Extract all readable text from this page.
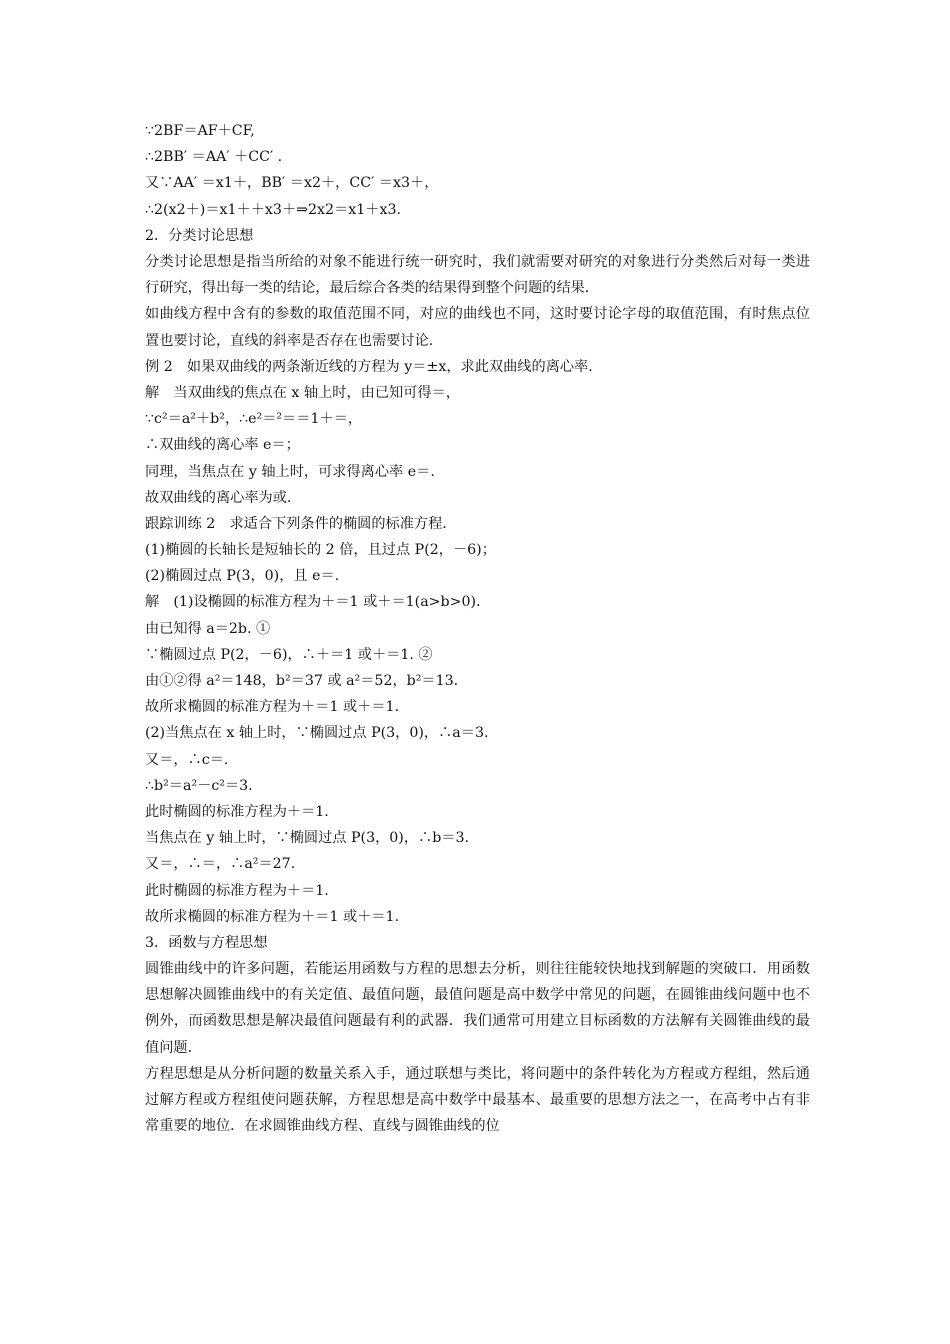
∵2BF＝AF＋CF,
∴2BB′ ＝AA′ ＋CC′ .
又∵AA′ ＝x1＋，BB′ ＝x2＋，CC′ ＝x3＋，
∴2(x2＋)＝x1＋＋x3＋⇒2x2＝x1＋x3.
2．分类讨论思想
分类讨论思想是指当所给的对象不能进行统一研究时，我们就需要对研究的对象进行分类然后对每一类进行研究，得出每一类的结论，最后综合各类的结果得到整个问题的结果．
如曲线方程中含有的参数的取值范围不同，对应的曲线也不同，这时要讨论字母的取值范围，有时焦点位置也要讨论，直线的斜率是否存在也需要讨论．
例 2　如果双曲线的两条渐近线的方程为 y＝±x，求此双曲线的离心率．
解　当双曲线的焦点在 x 轴上时，由已知可得＝，
∵c²＝a²＋b²，∴e²＝²＝＝1＋＝，
∴双曲线的离心率 e＝；
同理，当焦点在 y 轴上时，可求得离心率 e＝.
故双曲线的离心率为或.
跟踪训练 2　求适合下列条件的椭圆的标准方程．
(1)椭圆的长轴长是短轴长的 2 倍，且过点 P(2，－6)；
(2)椭圆过点 P(3，0)，且 e＝.
解　(1)设椭圆的标准方程为＋＝1 或＋＝1(a>b>0)．
由已知得 a＝2b. ①
∵椭圆过点 P(2，－6)，∴＋＝1 或＋＝1. ②
由①②得 a²＝148，b²＝37 或 a²＝52，b²＝13.
故所求椭圆的标准方程为＋＝1 或＋＝1.
(2)当焦点在 x 轴上时，∵椭圆过点 P(3，0)，∴a＝3.
又＝，∴c＝.
∴b²＝a²－c²＝3.
此时椭圆的标准方程为＋＝1.
当焦点在 y 轴上时，∵椭圆过点 P(3，0)，∴b＝3.
又＝，∴＝，∴a²＝27.
此时椭圆的标准方程为＋＝1.
故所求椭圆的标准方程为＋＝1 或＋＝1.
3．函数与方程思想
圆锥曲线中的许多问题，若能运用函数与方程的思想去分析，则往往能较快地找到解题的突破口．用函数思想解决圆锥曲线中的有关定值、最值问题，最值问题是高中数学中常见的问题，在圆锥曲线问题中也不例外，而函数思想是解决最值问题最有利的武器．我们通常可用建立目标函数的方法解有关圆锥曲线的最值问题．
方程思想是从分析问题的数量关系入手，通过联想与类比，将问题中的条件转化为方程或方程组，然后通过解方程或方程组使问题获解，方程思想是高中数学中最基本、最重要的思想方法之一，在高考中占有非常重要的地位．在求圆锥曲线方程、直线与圆锥曲线的位
